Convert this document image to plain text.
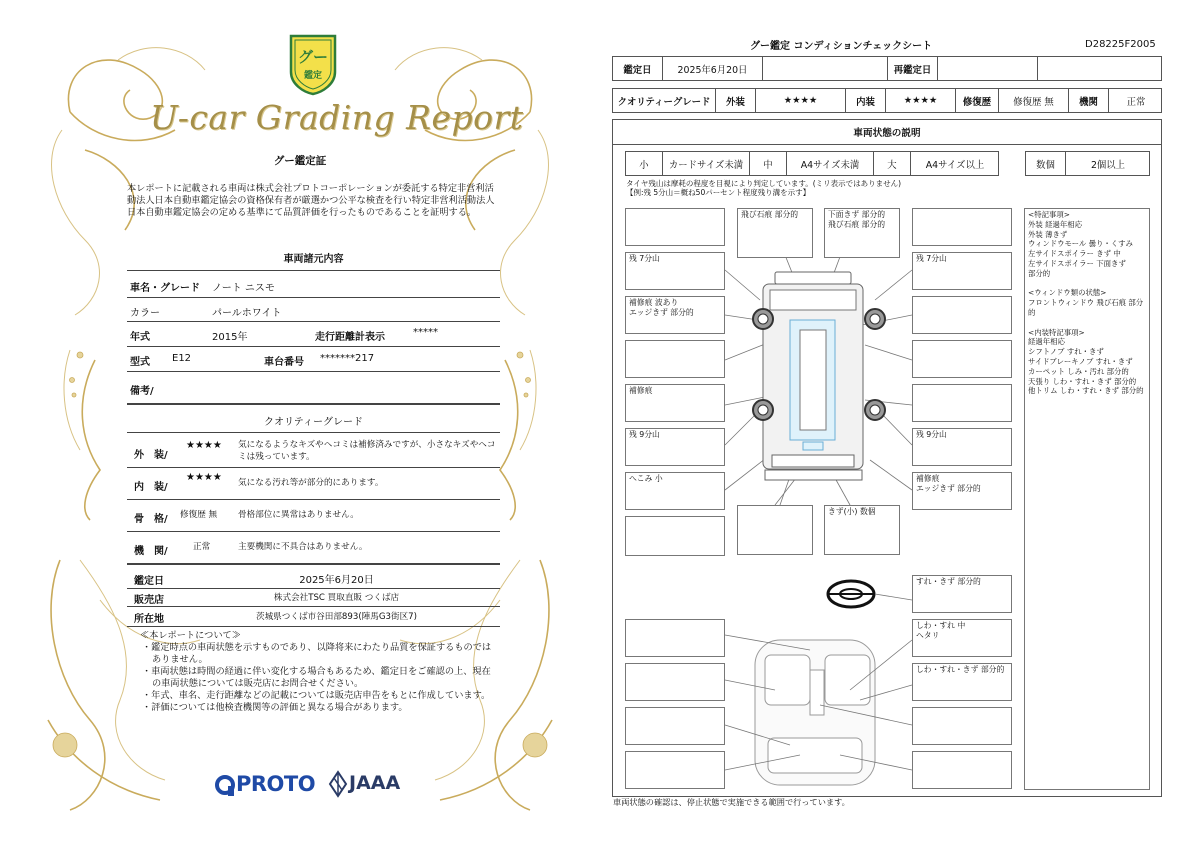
グー
鑑定
U-car Grading Report
グー鑑定証
本レポートに記載される車両は株式会社プロトコーポレーションが委託する特定非営利活動法人日本自動車鑑定協会の資格保有者が厳選かつ公平な検査を行い特定非営利活動法人日本自動車鑑定協会の定める基準にて品質評価を行ったものであることを証明する。
車両諸元内容
車名・グレード ノート ニスモ
カラー	パールホワイト
年式	2015年	走行距離計表示	*****
型式 E12	車台番号 *******217
備考/
クオリティーグレード
外　装/
★★★★ 気になるようなキズやヘコミは補修済みですが、小さなキズやヘコミは残っています。
内　装/
★★★★ 気になる汚れ等が部分的にあります。
骨　格/ 修復歴 無 骨格部位に異常はありません。
機　関/	正常	主要機関に不具合はありません。
鑑定日	2025年6月20日
販売店	株式会社TSC 買取直販 つくば店
所在地	茨城県つくば市谷田部893(陣馬G3街区7)
≪本レポートについて≫
・鑑定時点の車両状態を示すものであり、以降将来にわたり品質を保証するものではありません。
・車両状態は時間の経過に伴い変化する場合もあるため、鑑定日をご確認の上、現在の車両状態については販売店にお問合せください。
・年式、車名、走行距離などの記載については販売店申告をもとに作成しています。
・評価については他検査機関等の評価と異なる場合があります。
PROTO JAAA
グー鑑定 コンディションチェックシート	D28225F2005
鑑定日	2025年6月20日	再鑑定日
クオリティーグレード	外装	★★★★	内装	★★★★	修復歴	修復歴 無	機関	正常
車両状態の説明
小	カードサイズ未満	中	A4サイズ未満	大	A4サイズ以上	数個	2個以上
タイヤ残山は摩耗の程度を目視により判定しています。(ミリ表示ではありません)
【例:残 5分山＝概ね50パーセント程度残り溝を示す】
残 7分山
補修痕 波あり
エッジきず 部分的
補修痕
残 9分山
へこみ 小
飛び石痕 部分的	下面きず 部分的
飛び石痕 部分的
残 7分山
残 9分山
補修痕
エッジきず 部分的
きず(小) 数個
すれ・きず 部分的
しわ・すれ 中
ヘタリ
しわ・すれ・きず 部分的
<特記事項>
外装 経過年相応
外装 薄きず
ウィンドウモール 曇り・くすみ
左サイドスポイラー きず 中
左サイドスポイラー 下面きず
部分的

<ウィンドウ類の状態>
フロントウィンドウ 飛び石痕 部分的

<内装特記事項>
経過年相応
シフトノブ すれ・きず
サイドブレーキノブ すれ・きず
カーペット しみ・汚れ 部分的
天張り しわ・すれ・きず 部分的
他トリム しわ・すれ・きず 部分的
車両状態の確認は、停止状態で実施できる範囲で行っています。
